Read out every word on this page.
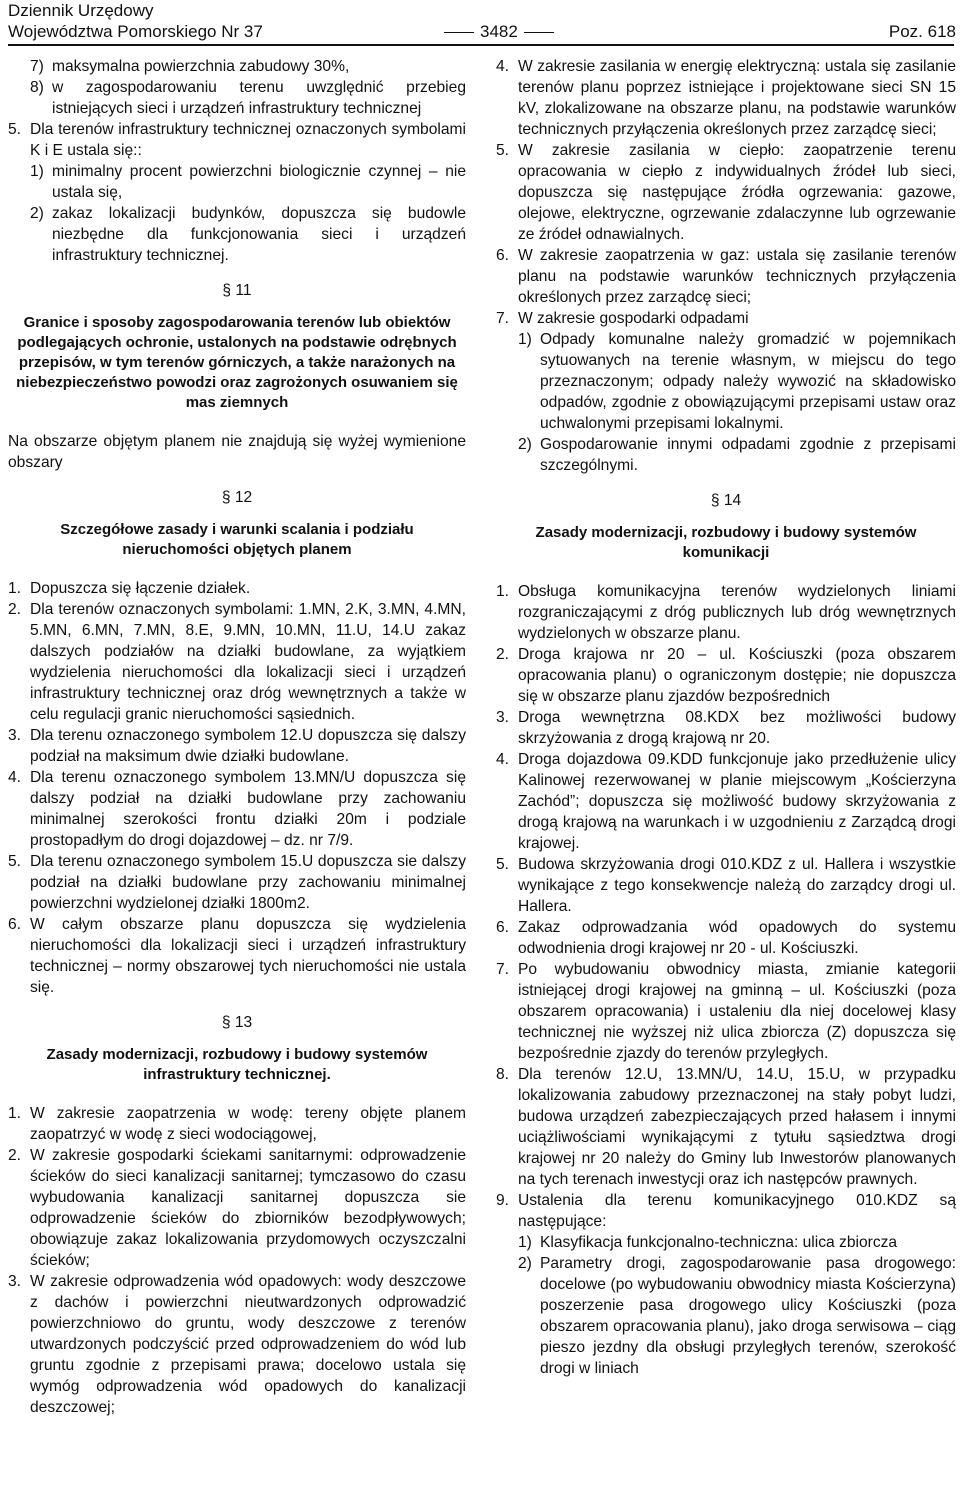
Dziennik Urzędowy
Województwa Pomorskiego Nr 37	3482	Poz. 618
7) maksymalna powierzchnia zabudowy 30%,
8) w zagospodarowaniu terenu uwzględnić przebieg istniejących sieci i urządzeń infrastruktury technicznej
5. Dla terenów infrastruktury technicznej oznaczonych symbolami K i E ustala się::
1) minimalny procent powierzchni biologicznie czynnej – nie ustala się,
2) zakaz lokalizacji budynków, dopuszcza się budowle niezbędne dla funkcjonowania sieci i urządzeń infrastruktury technicznej.
§ 11
Granice i sposoby zagospodarowania terenów lub obiektów podlegających ochronie, ustalonych na podstawie odrębnych przepisów, w tym terenów górniczych, a także narażonych na niebezpieczeństwo powodzi oraz zagrożonych osuwaniem się mas ziemnych

Na obszarze objętym planem nie znajdują się wyżej wymienione obszary

§ 12
Szczegółowe zasady i warunki scalania i podziału nieruchomości objętych planem
1. Dopuszcza się łączenie działek.
2. Dla terenów oznaczonych symbolami: 1.MN, 2.K, 3.MN, 4.MN, 5.MN, 6.MN, 7.MN, 8.E, 9.MN, 10.MN, 11.U, 14.U zakaz dalszych podziałów na działki budowlane, za wyjątkiem wydzielenia nieruchomości dla lokalizacji sieci i urządzeń infrastruktury technicznej oraz dróg wewnętrznych a także w celu regulacji granic nieruchomości sąsiednich.
3. Dla terenu oznaczonego symbolem 12.U dopuszcza się dalszy podział na maksimum dwie działki budowlane.
4. Dla terenu oznaczonego symbolem 13.MN/U dopuszcza się dalszy podział na działki budowlane przy zachowaniu minimalnej szerokości frontu działki 20m i podziale prostopadłym do drogi dojazdowej – dz. nr 7/9.
5. Dla terenu oznaczonego symbolem 15.U dopuszcza sie dalszy podział na działki budowlane przy zachowaniu minimalnej powierzchni wydzielonej działki 1800m2.
6. W całym obszarze planu dopuszcza się wydzielenia nieruchomości dla lokalizacji sieci i urządzeń infrastruktury technicznej – normy obszarowej tych nieruchomości nie ustala się.
§ 13
Zasady modernizacji, rozbudowy i budowy systemów infrastruktury technicznej.
1. W zakresie zaopatrzenia w wodę: tereny objęte planem zaopatrzyć w wodę z sieci wodociągowej,
2. W zakresie gospodarki ściekami sanitarnymi: odprowadzenie ścieków do sieci kanalizacji sanitarnej; tymczasowo do czasu wybudowania kanalizacji sanitarnej dopuszcza sie odprowadzenie ścieków do zbiorników bezodpływowych; obowiązuje zakaz lokalizowania przydomowych oczyszczalni ścieków;
3. W zakresie odprowadzenia wód opadowych: wody deszczowe z dachów i powierzchni nieutwardzonych odprowadzić powierzchniowo do gruntu, wody deszczowe z terenów utwardzonych podczyścić przed odprowadzeniem do wód lub gruntu zgodnie z przepisami prawa; docelowo ustala się wymóg odprowadzenia wód opadowych do kanalizacji deszczowej;
4. W zakresie zasilania w energię elektryczną: ustala się zasilanie terenów planu poprzez istniejące i projektowane sieci SN 15 kV, zlokalizowane na obszarze planu, na podstawie warunków technicznych przyłączenia określonych przez zarządcę sieci;
5. W zakresie zasilania w ciepło: zaopatrzenie terenu opracowania w ciepło z indywidualnych źródeł lub sieci, dopuszcza się następujące źródła ogrzewania: gazowe, olejowe, elektryczne, ogrzewanie zdalaczynne lub ogrzewanie ze źródeł odnawialnych.
6. W zakresie zaopatrzenia w gaz: ustala się zasilanie terenów planu na podstawie warunków technicznych przyłączenia określonych przez zarządcę sieci;
7. W zakresie gospodarki odpadami
1) Odpady komunalne należy gromadzić w pojemnikach sytuowanych na terenie własnym, w miejscu do tego przeznaczonym; odpady należy wywozić na składowisko odpadów, zgodnie z obowiązującymi przepisami ustaw oraz uchwalonymi przepisami lokalnymi.
2) Gospodarowanie innymi odpadami zgodnie z przepisami szczególnymi.
§ 14
Zasady modernizacji, rozbudowy i budowy systemów komunikacji
1. Obsługa komunikacyjna terenów wydzielonych liniami rozgraniczającymi z dróg publicznych lub dróg wewnętrznych wydzielonych w obszarze planu.
2. Droga krajowa nr 20 – ul. Kościuszki (poza obszarem opracowania planu) o ograniczonym dostępie; nie dopuszcza się w obszarze planu zjazdów bezpośrednich
3. Droga wewnętrzna 08.KDX bez możliwości budowy skrzyżowania z drogą krajową nr 20.
4. Droga dojazdowa 09.KDD funkcjonuje jako przedłużenie ulicy Kalinowej rezerwowanej w planie miejscowym „Kościerzyna Zachód”; dopuszcza się możliwość budowy skrzyżowania z drogą krajową na warunkach i w uzgodnieniu z Zarządcą drogi krajowej.
5. Budowa skrzyżowania drogi 010.KDZ z ul. Hallera i wszystkie wynikające z tego konsekwencje należą do zarządcy drogi ul. Hallera.
6. Zakaz odprowadzania wód opadowych do systemu odwodnienia drogi krajowej nr 20 - ul. Kościuszki.
7. Po wybudowaniu obwodnicy miasta, zmianie kategorii istniejącej drogi krajowej na gminną – ul. Kościuszki (poza obszarem opracowania) i ustaleniu dla niej docelowej klasy technicznej nie wyższej niż ulica zbiorcza (Z) dopuszcza się bezpośrednie zjazdy do terenów przyległych.
8. Dla terenów 12.U, 13.MN/U, 14.U, 15.U, w przypadku lokalizowania zabudowy przeznaczonej na stały pobyt ludzi, budowa urządzeń zabezpieczających przed hałasem i innymi uciążliwościami wynikającymi z tytułu sąsiedztwa drogi krajowej nr 20 należy do Gminy lub Inwestorów planowanych na tych terenach inwestycji oraz ich następców prawnych.
9. Ustalenia dla terenu komunikacyjnego 010.KDZ są następujące:
1) Klasyfikacja funkcjonalno-techniczna: ulica zbiorcza
2) Parametry drogi, zagospodarowanie pasa drogowego: docelowe (po wybudowaniu obwodnicy miasta Kościerzyna) poszerzenie pasa drogowego ulicy Kościuszki (poza obszarem opracowania planu), jako droga serwisowa – ciąg pieszo jezdny dla obsługi przyległych terenów, szerokość drogi w liniach
